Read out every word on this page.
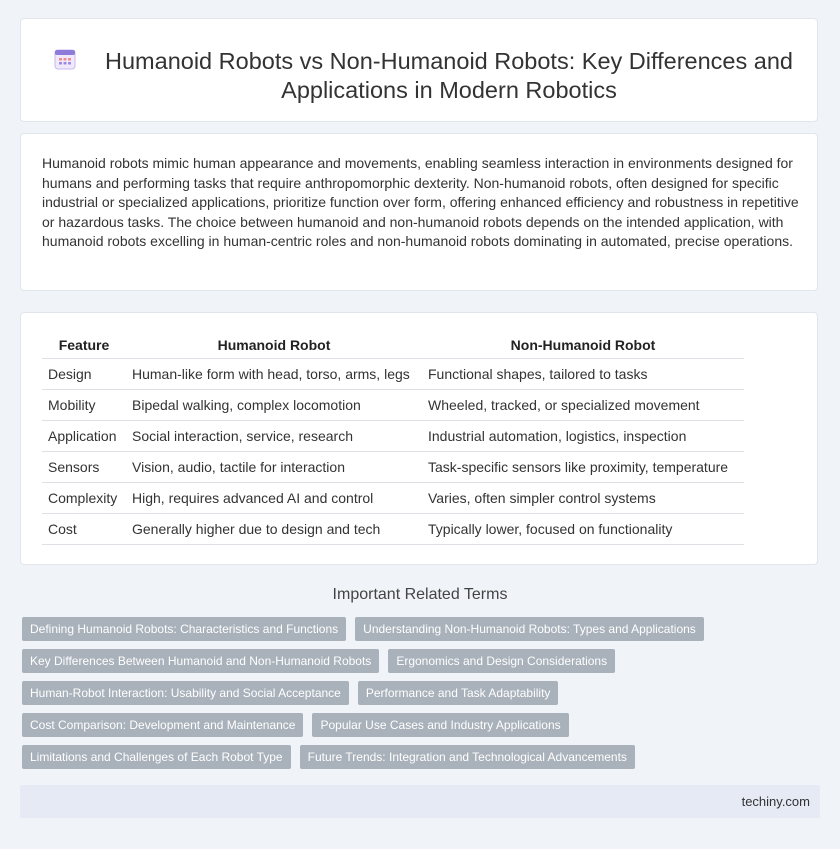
Humanoid Robots vs Non-Humanoid Robots: Key Differences and Applications in Modern Robotics

Humanoid robots mimic human appearance and movements, enabling seamless interaction in environments designed for humans and performing tasks that require anthropomorphic dexterity. Non-humanoid robots, often designed for specific industrial or specialized applications, prioritize function over form, offering enhanced efficiency and robustness in repetitive or hazardous tasks. The choice between humanoid and non-humanoid robots depends on the intended application, with humanoid robots excelling in human-centric roles and non-humanoid robots dominating in automated, precise operations.

Feature	Humanoid Robot	Non-Humanoid Robot
Design	Human-like form with head, torso, arms, legs	Functional shapes, tailored to tasks
Mobility	Bipedal walking, complex locomotion	Wheeled, tracked, or specialized movement
Application	Social interaction, service, research	Industrial automation, logistics, inspection
Sensors	Vision, audio, tactile for interaction	Task-specific sensors like proximity, temperature
Complexity	High, requires advanced AI and control	Varies, often simpler control systems
Cost	Generally higher due to design and tech	Typically lower, focused on functionality
Important Related Terms
Defining Humanoid Robots: Characteristics and Functions	Understanding Non-Humanoid Robots: Types and Applications
Key Differences Between Humanoid and Non-Humanoid Robots	Ergonomics and Design Considerations
Human-Robot Interaction: Usability and Social Acceptance	Performance and Task Adaptability
Cost Comparison: Development and Maintenance	Popular Use Cases and Industry Applications
Limitations and Challenges of Each Robot Type	Future Trends: Integration and Technological Advancements
techiny.com
